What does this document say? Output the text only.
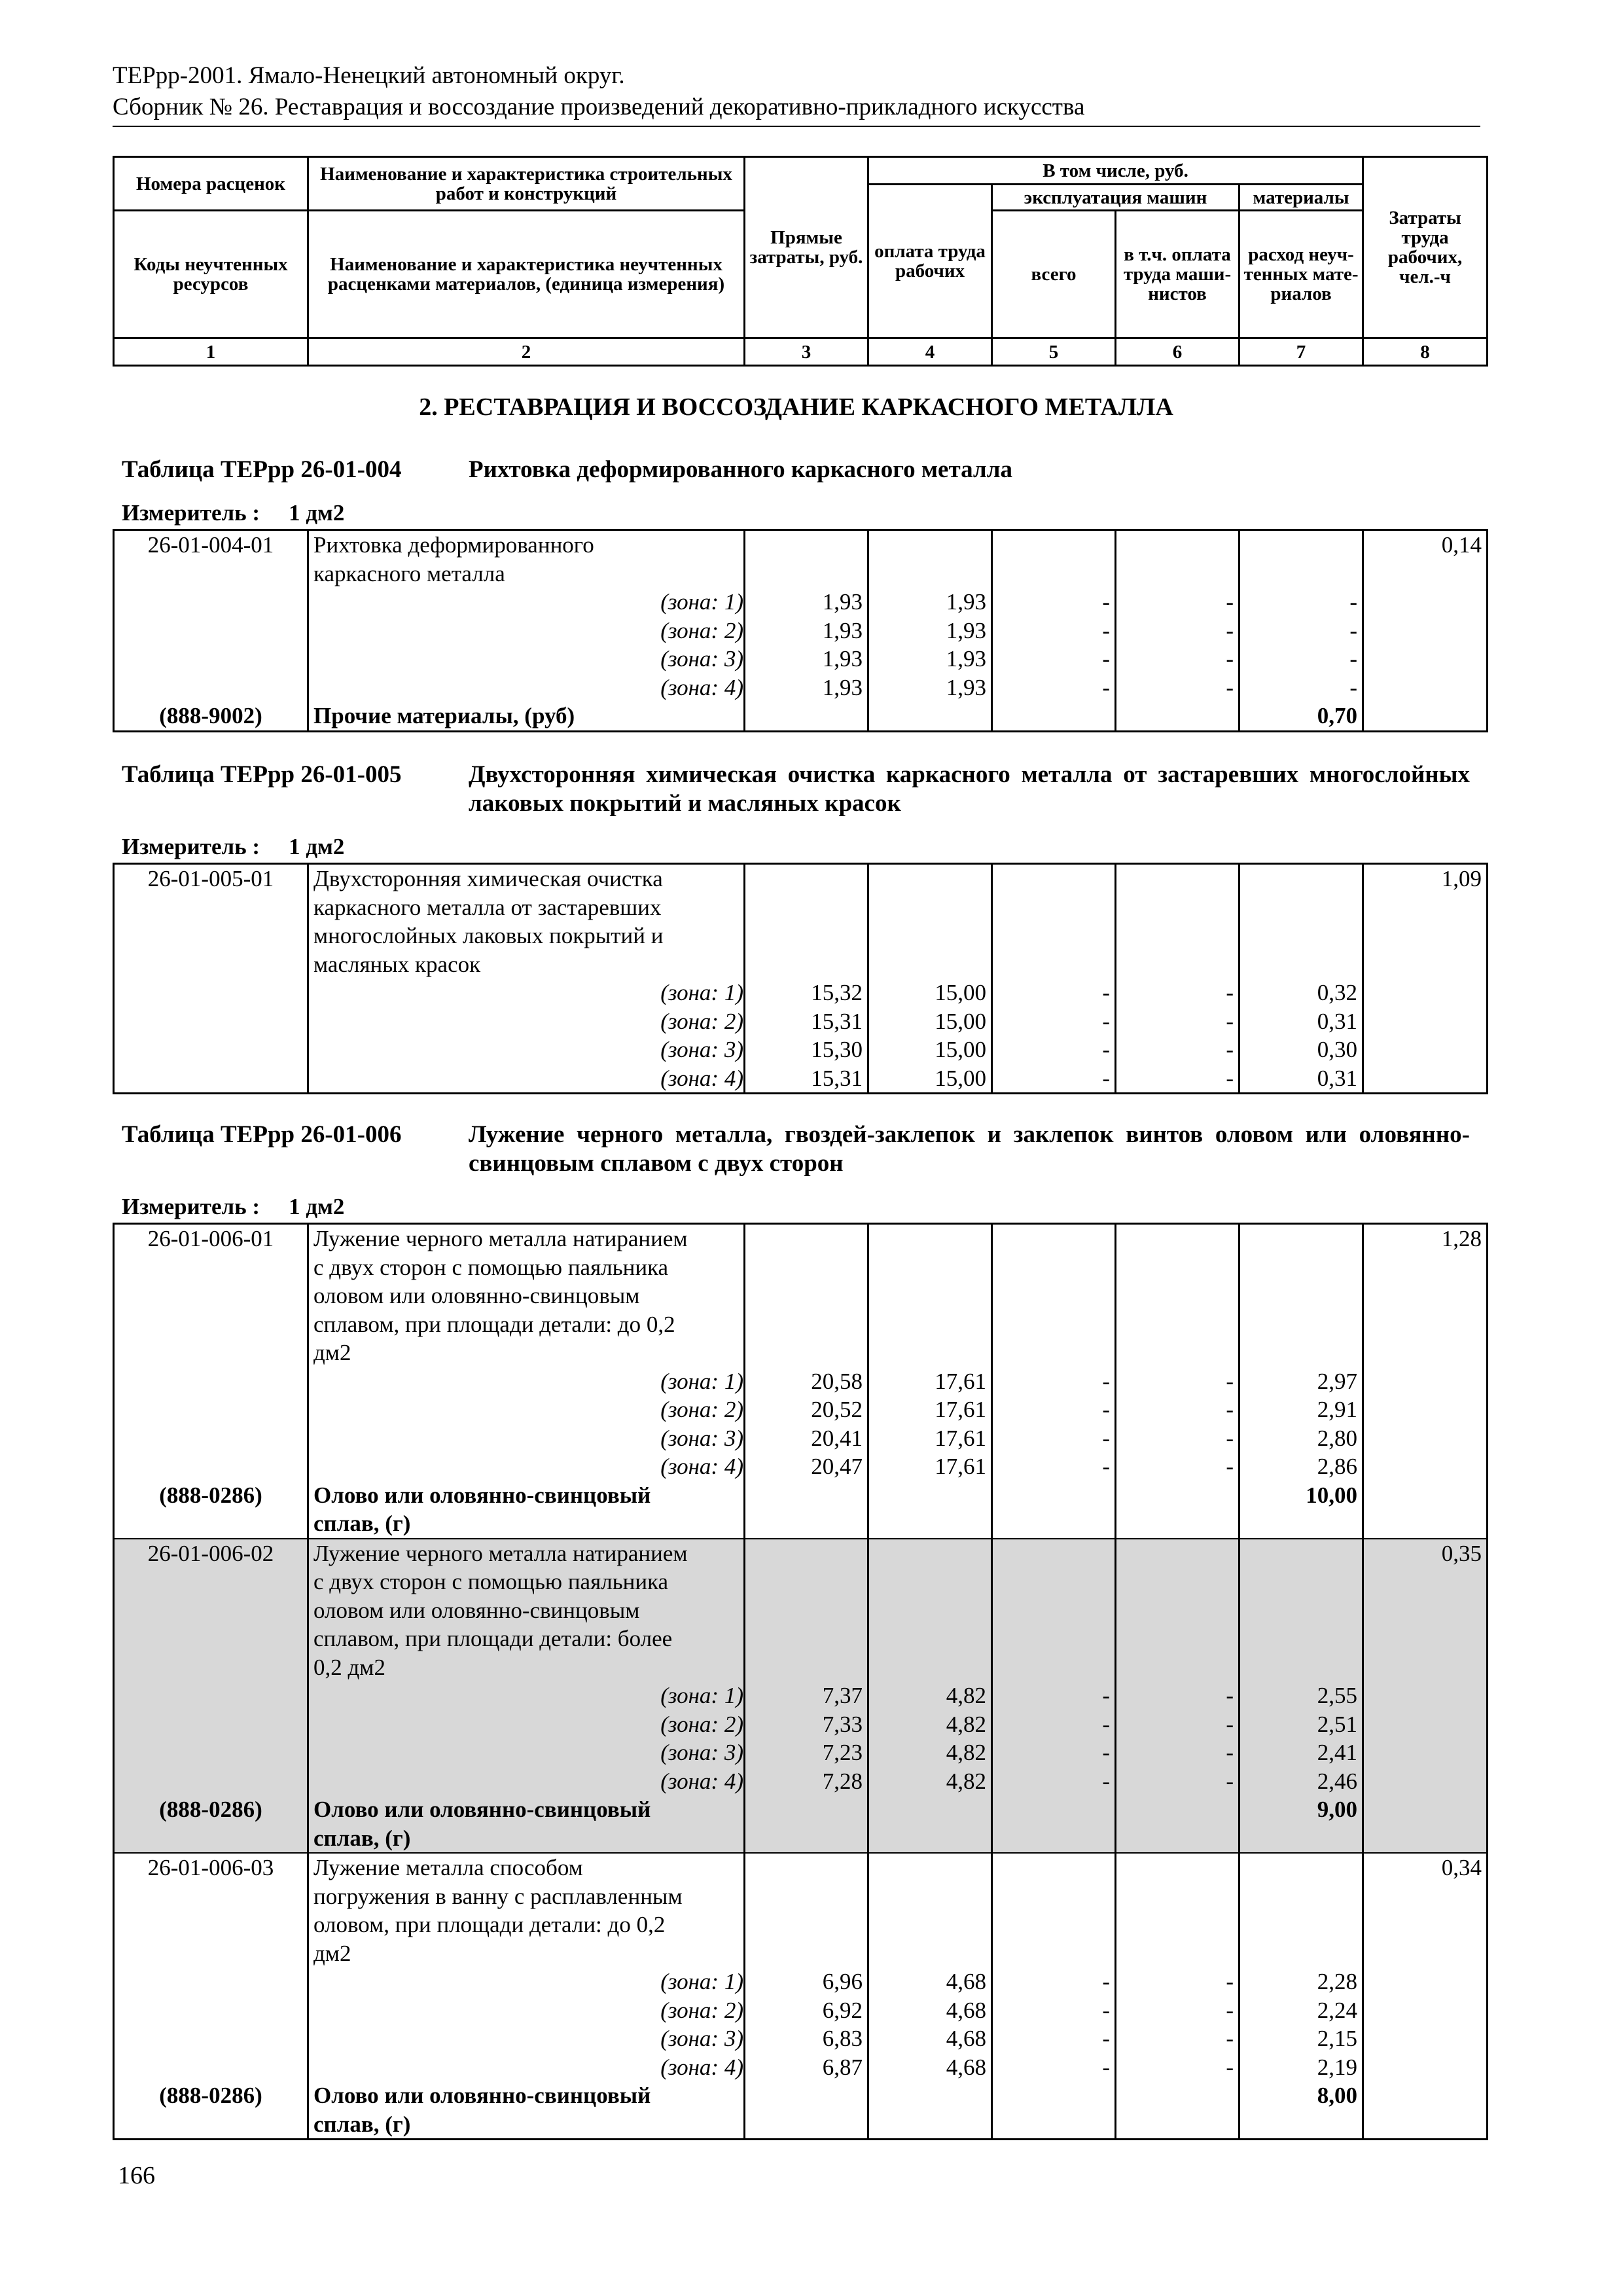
ТЕРрр-2001. Ямало-Ненецкий автономный округ.
Сборник № 26. Реставрация и воссоздание произведений декоративно-прикладного искусства
Номера расценок	Наименование и характеристика строительных работ и конструкций	Прямые затраты, руб.	В том числе, руб.				Затраты труда рабочих, чел.-ч
			оплата труда рабочих	эксплуатация машин		материалы	
Коды неучтенных ресурсов	Наименование и характеристика неучтенных расценками материалов, (единица измерения)			всего	в т.ч. оплата труда маши-нистов	расход неуч-тенных мате-риалов	
1	2	3	4	5	6	7	8
2. РЕСТАВРАЦИЯ И ВОССОЗДАНИЕ КАРКАСНОГО МЕТАЛЛА
Таблица ТЕРрр 26-01-004	Рихтовка деформированного каркасного металла
Измеритель : 1 дм2
26-01-004-01	Рихтовка деформированного
каркасного металла						0,14
	(зона: 1)	1,93	1,93	-	-	-	
	(зона: 2)	1,93	1,93	-	-	-	
	(зона: 3)	1,93	1,93	-	-	-	
	(зона: 4)	1,93	1,93	-	-	-	
(888-9002)	Прочие материалы, (руб)					0,70	
Таблица ТЕРрр 26-01-005	Двухсторонняя химическая очистка каркасного металла от застаревших многослойных лаковых покрытий и масляных красок
Измеритель : 1 дм2
26-01-005-01	Двухсторонняя химическая очистка
каркасного металла от застаревших
многослойных лаковых покрытий и
масляных красок						1,09
	(зона: 1)	15,32	15,00	-	-	0,32	
	(зона: 2)	15,31	15,00	-	-	0,31	
	(зона: 3)	15,30	15,00	-	-	0,30	
	(зона: 4)	15,31	15,00	-	-	0,31	
Таблица ТЕРрр 26-01-006	Лужение черного металла, гвоздей-заклепок и заклепок винтов оловом или оловянно-свинцовым сплавом с двух сторон
Измеритель : 1 дм2
26-01-006-01	Лужение черного металла натиранием
с двух сторон с помощью паяльника
оловом или оловянно-свинцовым
сплавом, при площади детали: до 0,2
дм2						1,28
	(зона: 1)	20,58	17,61	-	-	2,97	
	(зона: 2)	20,52	17,61	-	-	2,91	
	(зона: 3)	20,41	17,61	-	-	2,80	
	(зона: 4)	20,47	17,61	-	-	2,86	
(888-0286)	Олово или оловянно-свинцовый
сплав, (г)					10,00	
26-01-006-02	Лужение черного металла натиранием
с двух сторон с помощью паяльника
оловом или оловянно-свинцовым
сплавом, при площади детали: более
0,2 дм2						0,35
	(зона: 1)	7,37	4,82	-	-	2,55	
	(зона: 2)	7,33	4,82	-	-	2,51	
	(зона: 3)	7,23	4,82	-	-	2,41	
	(зона: 4)	7,28	4,82	-	-	2,46	
(888-0286)	Олово или оловянно-свинцовый
сплав, (г)					9,00	
26-01-006-03	Лужение металла способом
погружения в ванну с расплавленным
оловом, при площади детали: до 0,2
дм2						0,34
	(зона: 1)	6,96	4,68	-	-	2,28	
	(зона: 2)	6,92	4,68	-	-	2,24	
	(зона: 3)	6,83	4,68	-	-	2,15	
	(зона: 4)	6,87	4,68	-	-	2,19	
(888-0286)	Олово или оловянно-свинцовый
сплав, (г)					8,00	
166
